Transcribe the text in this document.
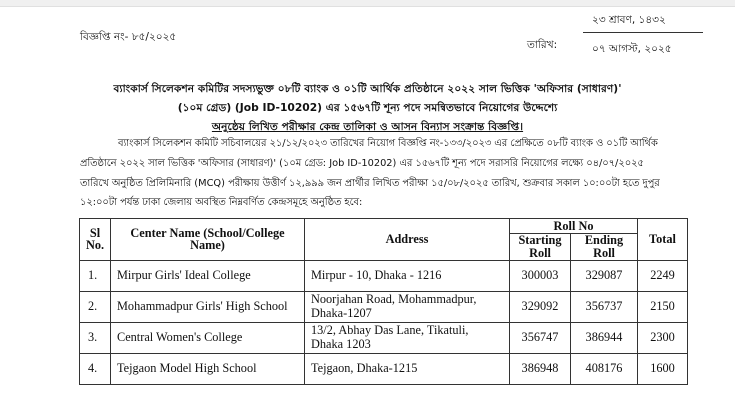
বিজ্ঞপ্তি নং- ৮৫/২০২৫
২৩ শ্রাবণ, ১৪৩২
তারিখ:	০৭ আগস্ট, ২০২৫
ব্যাংকার্স সিলেকশন কমিটির সদস্যভুক্ত ০৮টি ব্যাংক ও ০১টি আর্থিক প্রতিষ্ঠানে ২০২২ সাল ভিত্তিক 'অফিসার (সাধারণ)'
(১০ম গ্রেড) (Job ID-10202) এর ১৫৬৭টি শূন্য পদে সমন্বিতভাবে নিয়োগের উদ্দেশ্যে
অনুষ্ঠেয় লিখিত পরীক্ষার কেন্দ্র তালিকা ও আসন বিন্যাস সংক্রান্ত বিজ্ঞপ্তি।
ব্যাংকার্স সিলেকশন কমিটি সচিবালয়ের ২১/১২/২০২৩ তারিখের নিয়োগ বিজ্ঞপ্তি নং-১৩৩/২০২৩ এর প্রেক্ষিতে ০৮টি ব্যাংক ও ০১টি আর্থিক
প্রতিষ্ঠানে ২০২২ সাল ভিত্তিক 'অফিসার (সাধারণ)' (১০ম গ্রেড: Job ID-10202) এর ১৫৬৭টি শূন্য পদে সরাসরি নিয়োগের লক্ষ্যে ০৪/০৭/২০২৫
তারিখে অনুষ্ঠিত প্রিলিমিনারি (MCQ) পরীক্ষায় উত্তীর্ণ ১২,৯৯৯ জন প্রার্থীর লিখিত পরীক্ষা ১৫/০৮/২০২৫ তারিখ, শুক্রবার সকাল ১০:০০টা হতে দুপুর
১২:০০টা পর্যন্ত ঢাকা জেলায় অবস্থিত নিম্নবর্ণিত কেন্দ্রসমূহে অনুষ্ঠিত হবে:
Sl No.	Center Name (School/College Name)	Address	Roll No		Total
			Starting Roll	Ending Roll	
1.	Mirpur Girls' Ideal College	Mirpur - 10, Dhaka - 1216	300003	329087	2249
2.	Mohammadpur Girls' High School	Noorjahan Road, Mohammadpur, Dhaka-1207	329092	356737	2150
3.	Central Women's College	13/2, Abhay Das Lane, Tikatuli, Dhaka 1203	356747	386944	2300
4.	Tejgaon Model High School	Tejgaon, Dhaka-1215	386948	408176	1600
